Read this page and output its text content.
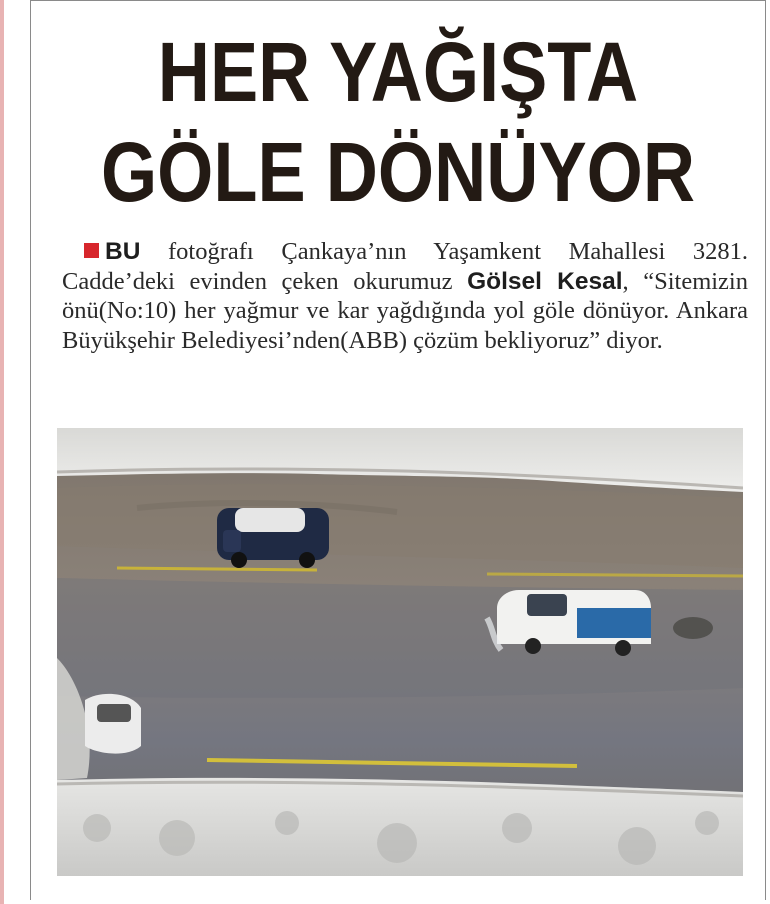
HER YAĞIŞTA
GÖLE DÖNÜYOR

BU fotoğrafı Çankaya’nın Yaşamkent Mahallesi 3281. Cadde’deki evinden çeken okurumuz Gölsel Kesal, “Sitemizin önü(No:10) her yağmur ve kar yağdığında yol göle dönüyor. Ankara Büyükşehir Belediyesi’nden(ABB) çözüm bekliyoruz” diyor.
